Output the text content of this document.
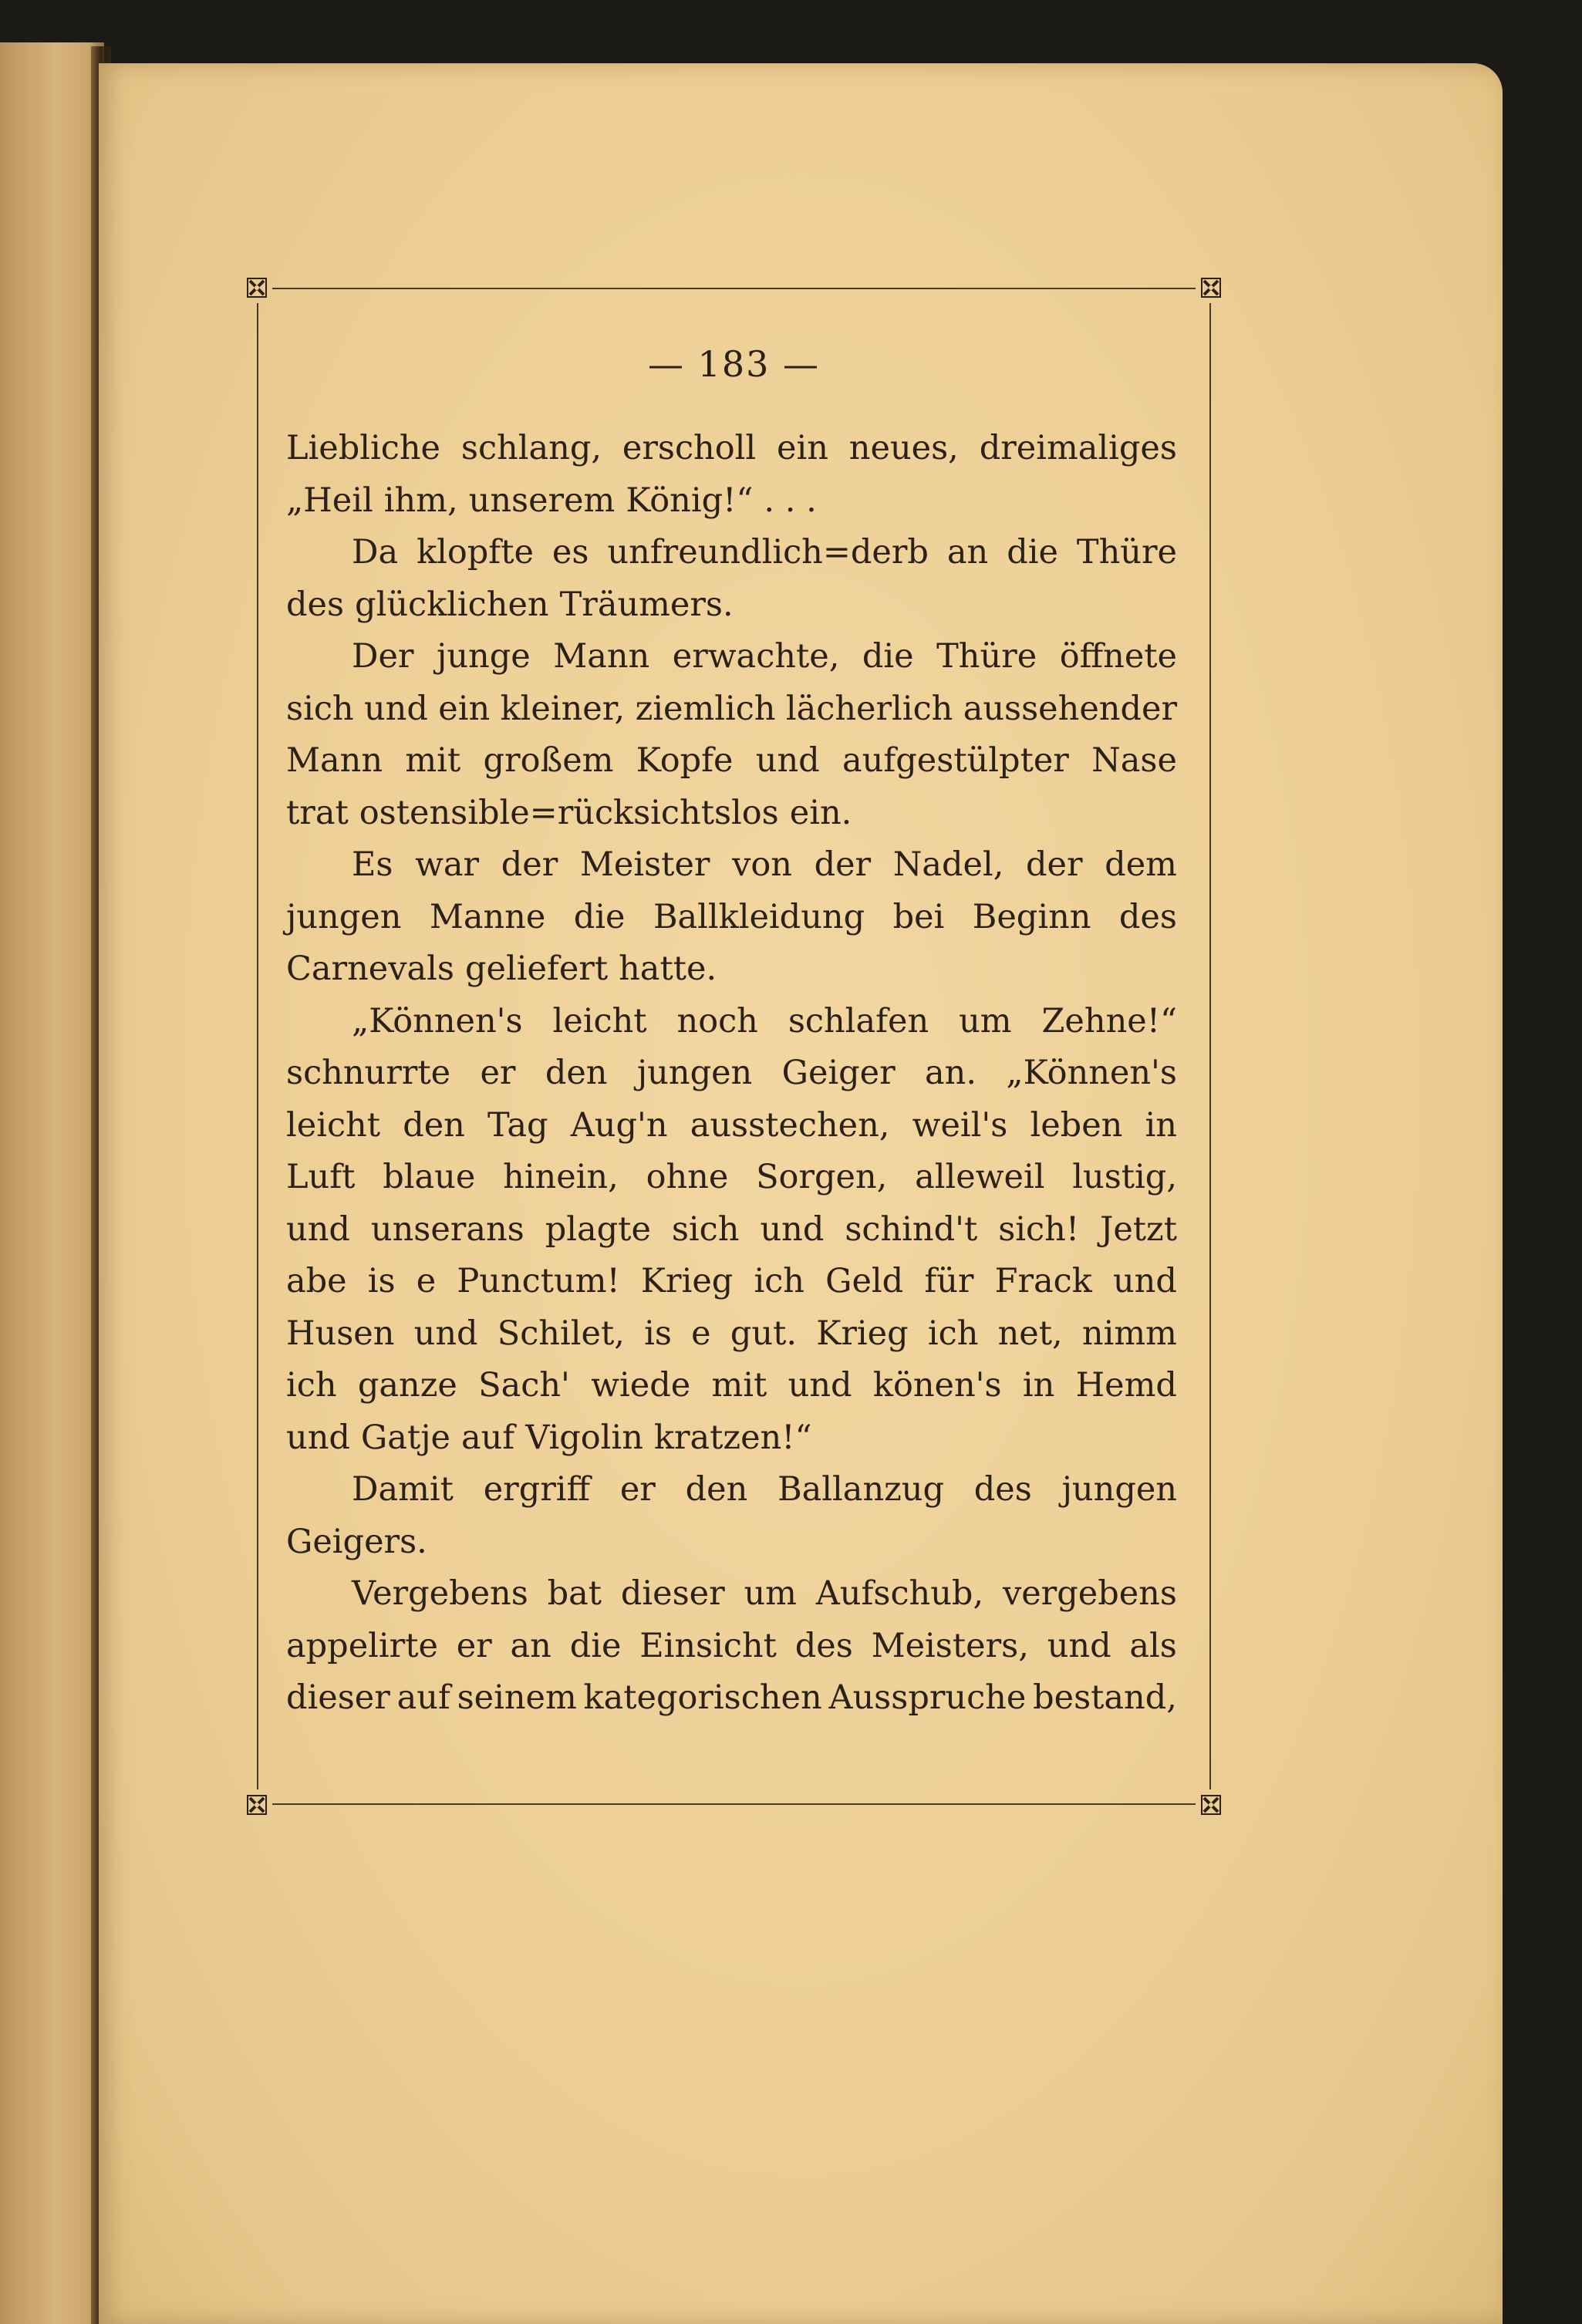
— 183 —
Liebliche schlang, erscholl ein neues, dreimaliges
„Heil ihm, unserem König!“ . . .
Da klopfte es unfreundlich=derb an die Thüre
des glücklichen Träumers.
Der junge Mann erwachte, die Thüre öffnete
sich und ein kleiner, ziemlich lächerlich aussehender
Mann mit großem Kopfe und aufgestülpter Nase
trat ostensible=rücksichtslos ein.
Es war der Meister von der Nadel, der dem
jungen Manne die Ballkleidung bei Beginn des
Carnevals geliefert hatte.
„Können's leicht noch schlafen um Zehne!“
schnurrte er den jungen Geiger an. „Können's
leicht den Tag Aug'n ausstechen, weil's leben in
Luft blaue hinein, ohne Sorgen, alleweil lustig,
und unserans plagte sich und schind't sich! Jetzt
abe is e Punctum! Krieg ich Geld für Frack und
Husen und Schilet, is e gut. Krieg ich net, nimm
ich ganze Sach' wiede mit und könen's in Hemd
und Gatje auf Vigolin kratzen!“
Damit ergriff er den Ballanzug des jungen
Geigers.
Vergebens bat dieser um Aufschub, vergebens
appelirte er an die Einsicht des Meisters, und als
dieser auf seinem kategorischen Ausspruche bestand,
